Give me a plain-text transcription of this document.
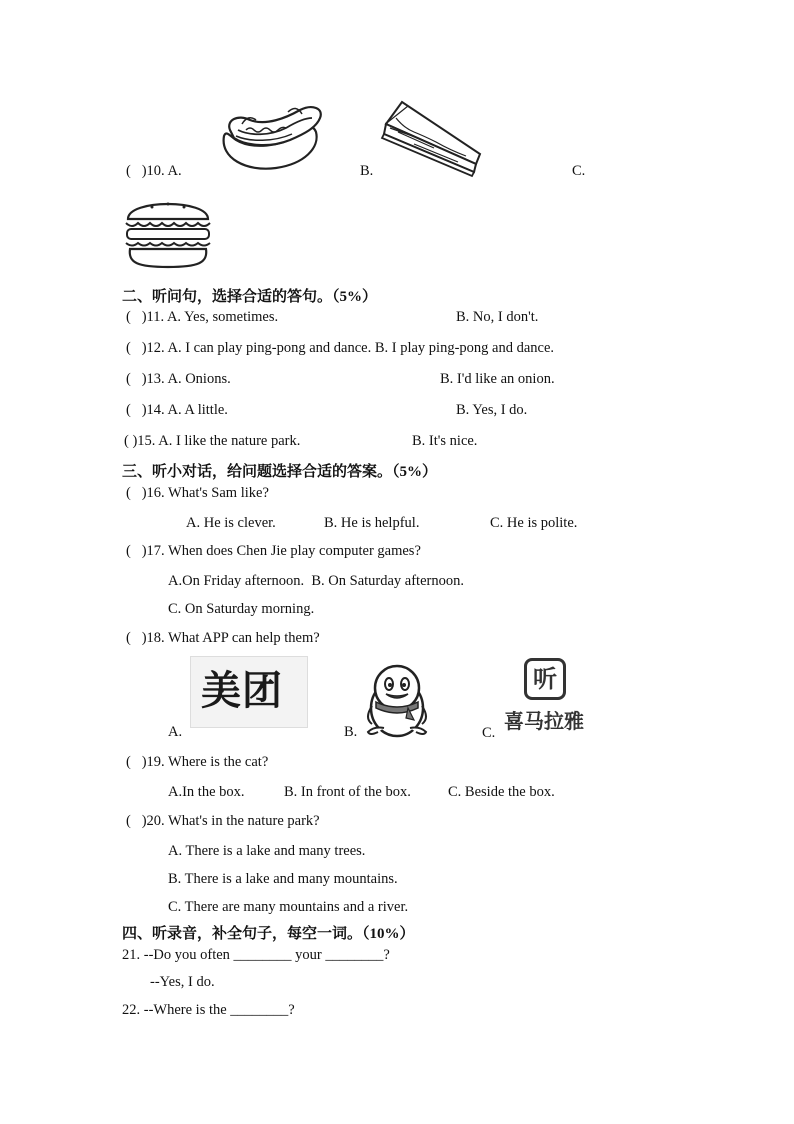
(   )10. A.	B.	C.
二、听问句，选择合适的答句。（5%）
(   )11. A. Yes, sometimes.	B. No, I don't.
(   )12. A. I can play ping-pong and dance. B. I play ping-pong and dance.
(   )13. A. Onions.	B. I'd like an onion.
(   )14. A. A little.	B. Yes, I do.
( )15. A. I like the nature park.	B. It's nice.
三、听小对话，给问题选择合适的答案。（5%）
(   )16. What's Sam like?
A. He is clever.	B. He is helpful.	C. He is polite.
(   )17. When does Chen Jie play computer games?
A.On Friday afternoon.  B. On Saturday afternoon.
C. On Saturday morning.
(   )18. What APP can help them?
美团
A.	B.	C.
听
喜马拉雅
(   )19. Where is the cat?
A.In the box.	B. In front of the box.	C. Beside the box.
(   )20. What's in the nature park?
A. There is a lake and many trees.
B. There is a lake and many mountains.
C. There are many mountains and a river.
四、听录音，补全句子，每空一词。（10%）
21. --Do you often ________ your ________?
--Yes, I do.
22. --Where is the ________?
